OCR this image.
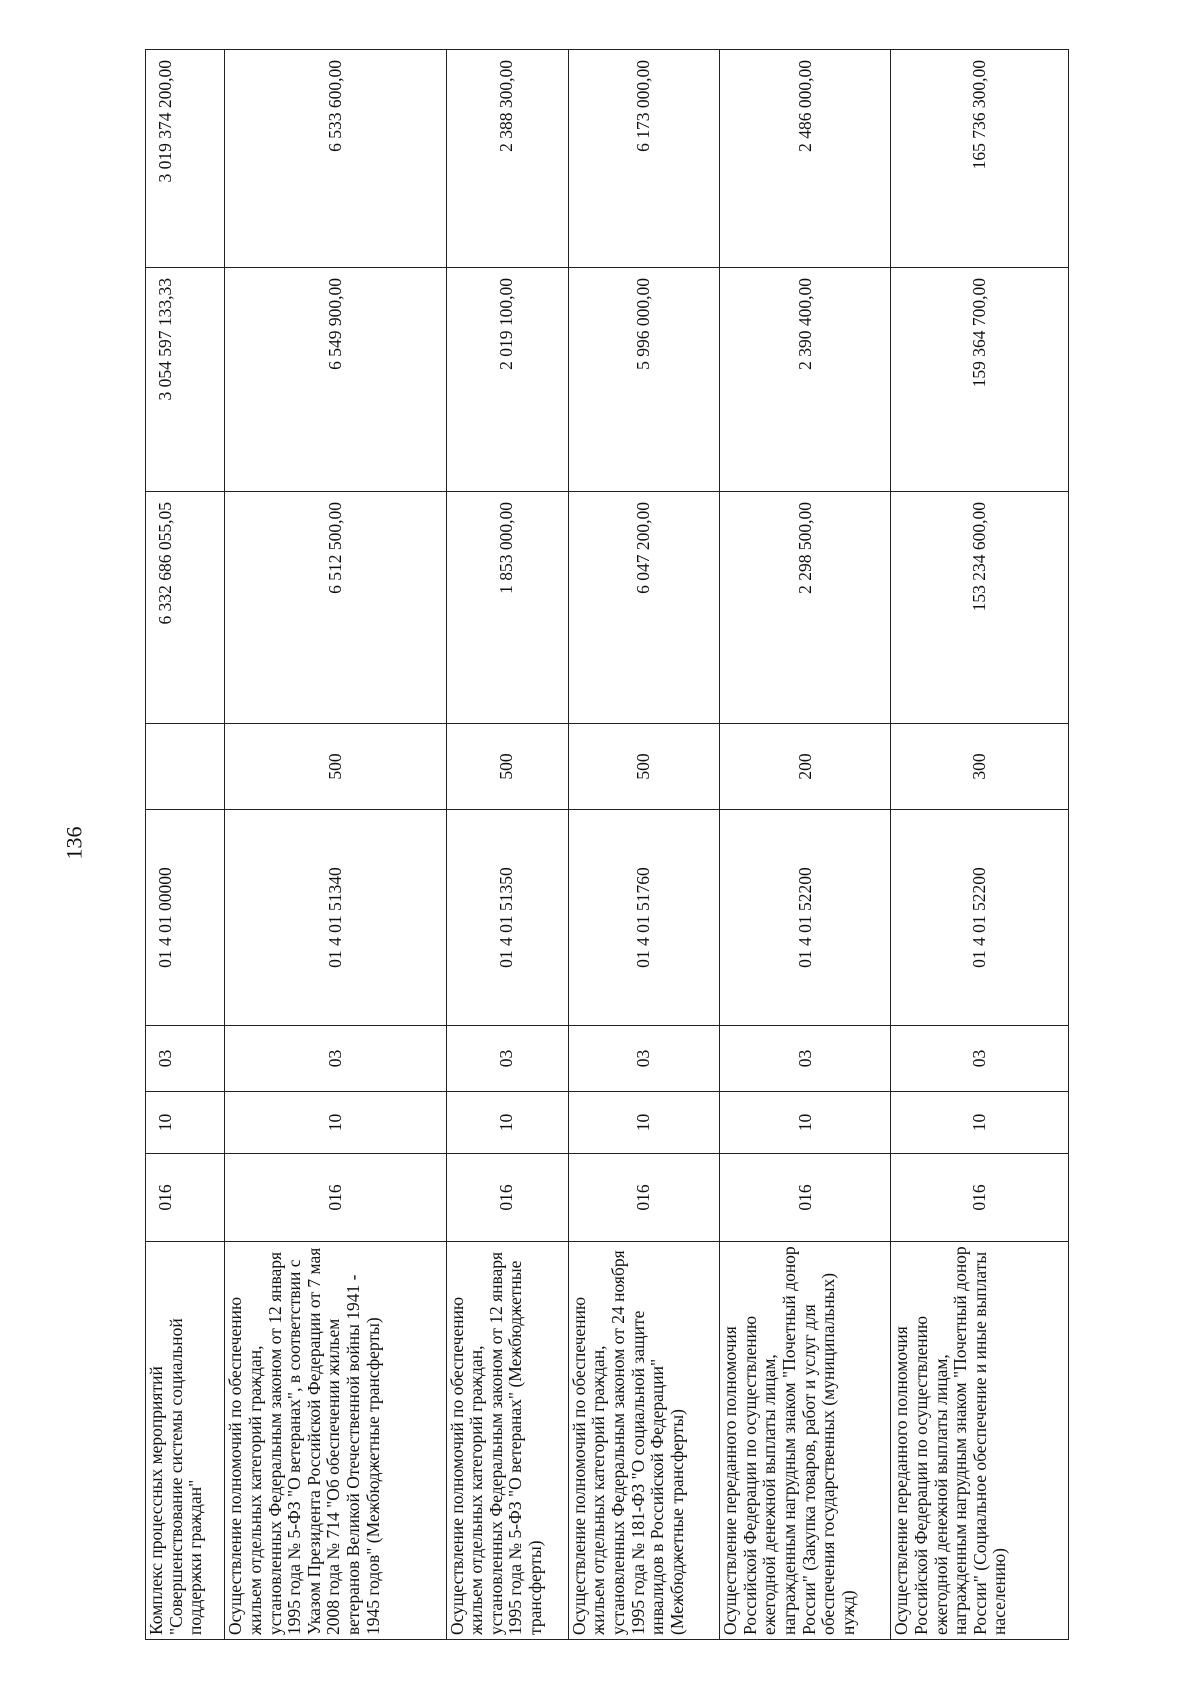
136
Комплекс процессных мероприятий "Совершенствование системы социальной поддержки граждан"	016	10	03	01 4 01 00000		6 332 686 055,05	3 054 597 133,33	3 019 374 200,00
Осуществление полномочий по обеспечению жильем отдельных категорий граждан, установленных Федеральным законом от 12 января 1995 года № 5-ФЗ "О ветеранах", в соответствии с Указом Президента Российской Федерации от 7 мая 2008 года № 714 "Об обеспечении жильем ветеранов Великой Отечественной войны 1941 - 1945 годов" (Межбюджетные трансферты)	016	10	03	01 4 01 51340	500	6 512 500,00	6 549 900,00	6 533 600,00
Осуществление полномочий по обеспечению жильем отдельных категорий граждан, установленных Федеральным законом от 12 января 1995 года № 5-ФЗ "О ветеранах" (Межбюджетные трансферты)	016	10	03	01 4 01 51350	500	1 853 000,00	2 019 100,00	2 388 300,00
Осуществление полномочий по обеспечению жильем отдельных категорий граждан, установленных Федеральным законом от 24 ноября 1995 года № 181-ФЗ "О социальной защите инвалидов в Российской Федерации" (Межбюджетные трансферты)	016	10	03	01 4 01 51760	500	6 047 200,00	5 996 000,00	6 173 000,00
Осуществление переданного полномочия Российской Федерации по осуществлению ежегодной денежной выплаты лицам, награжденным нагрудным знаком "Почетный донор России" (Закупка товаров, работ и услуг для обеспечения государственных (муниципальных) нужд)	016	10	03	01 4 01 52200	200	2 298 500,00	2 390 400,00	2 486 000,00
Осуществление переданного полномочия Российской Федерации по осуществлению ежегодной денежной выплаты лицам, награжденным нагрудным знаком "Почетный донор России" (Социальное обеспечение и иные выплаты населению)	016	10	03	01 4 01 52200	300	153 234 600,00	159 364 700,00	165 736 300,00
